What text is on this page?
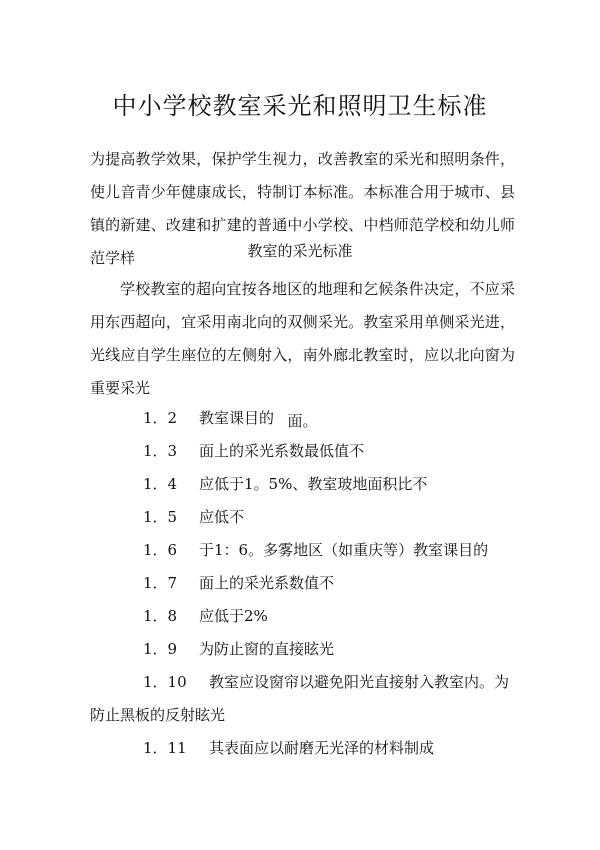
中小学校教室采光和照明卫生标准
为提高教学效果，保护学生视力，改善教室的采光和照明条件，使儿音青少年健康成长，特制订本标准。本标准合用于城市、县镇的新建、改建和扩建的普通中小学校、中档师范学校和幼儿师范学样	教室的采光标准
学校教室的超向宜按各地区的地理和乞候条件决定，不应采用东西超向，宜采用南北向的双侧采光。教室采用单侧采光进，光线应自学生座位的左侧射入，南外廊北教室时，应以北向窗为重要采光
面。
1．2 教室课目的
1．3 面上的采光系数最低值不
1．4 应低于1。5%、教室玻地面积比不
1．5 应低不
1．6 于1：6。多雾地区（如重庆等）教室课目的
1．7 面上的采光系数值不
1．8 应低于2%
1．9 为防止窗的直接眩光
1．10 教室应设窗帘以避免阳光直接射入教室内。为防止黑板的反射眩光
1．11 其表面应以耐磨无光泽的材料制成
